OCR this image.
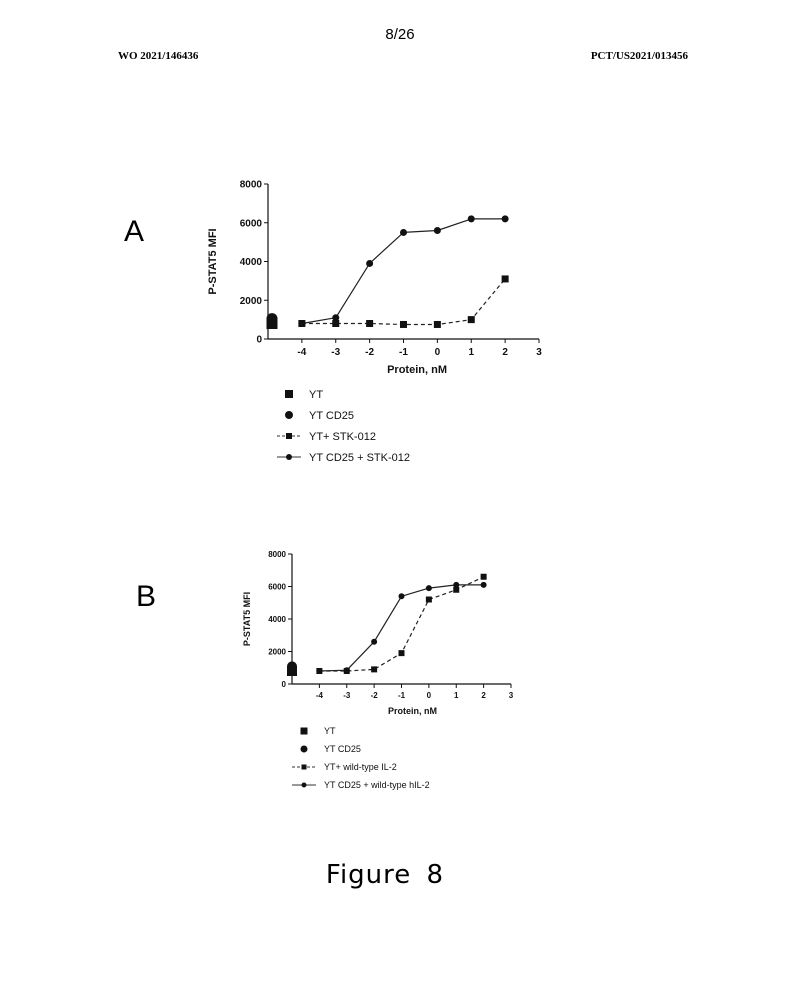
8/26
WO 2021/146436	PCT/US2021/013456
A
B
-4 -3 -2 -1	0	1	2	3
0
2000
4000
6000
8000
Protein, nM
P-STAT5 MFI
YT
YT CD25
YT+ STK-012
YT CD25 + STK-012
-4	-3	-2	-1	0	1	2	3
0
2000
4000
6000
8000
Protein, nM
P-STAT5 MFI
YT
YT CD25
YT+ wild-type IL-2
YT CD25 + wild-type hIL-2
Figure 8
